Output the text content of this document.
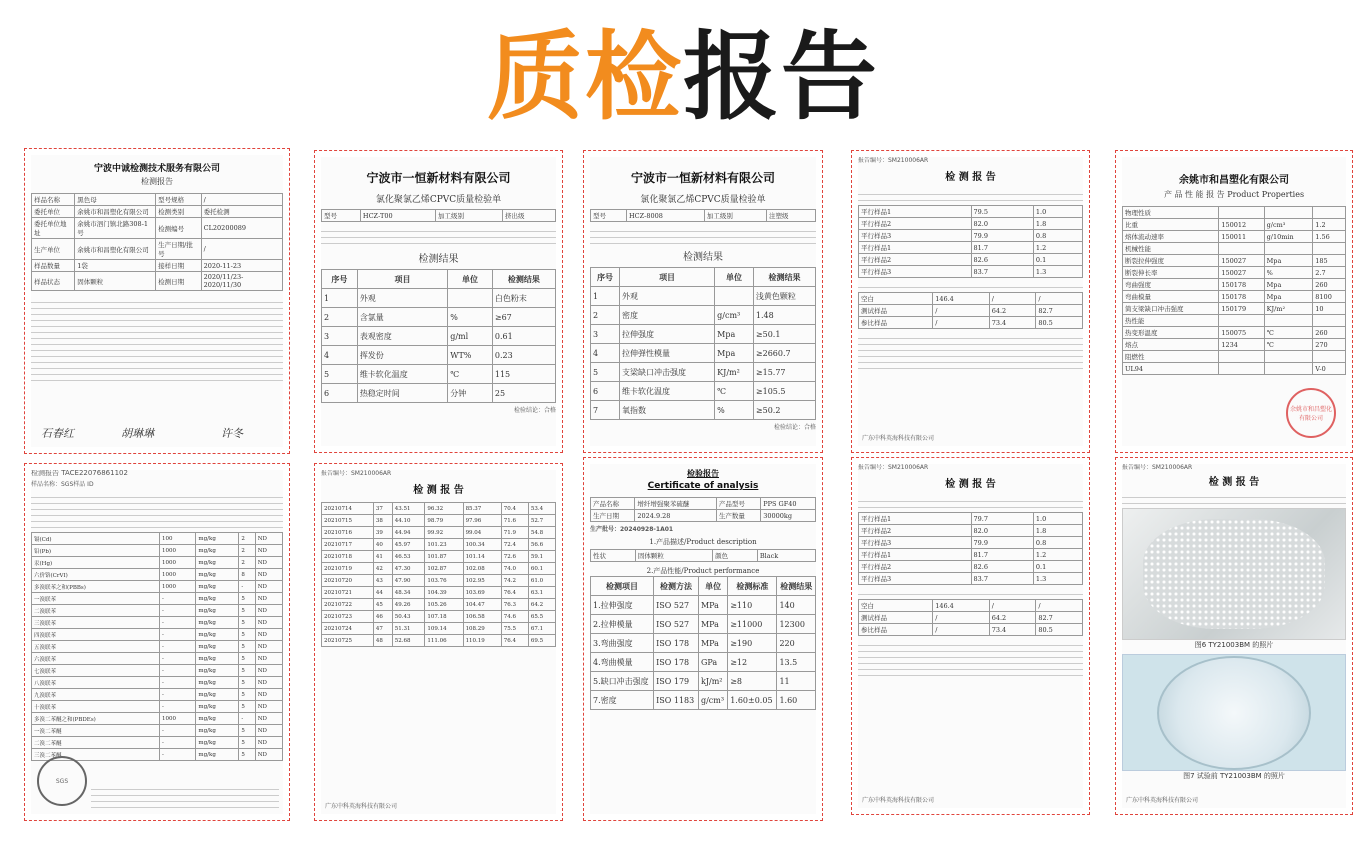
质检报告
宁波中诚检测技术服务有限公司
检测报告
样品名称	黑色母	型号规格	/
委托单位	余姚市和昌塑化有限公司	检测类别	委托检测
委托单位地址	余姚市泗门镇北路308-1号	检测编号	CL20200089
生产单位	余姚市和昌塑化有限公司	生产日期/批号	/
样品数量	1袋	接样日期	2020-11-23
样品状态	固体颗粒	检测日期	2020/11/23-2020/11/30
石春红	胡琳琳	许冬
宁波市一恒新材料有限公司
氯化聚氯乙烯CPVC质量检验单
型号	HCZ-T00	加工级别	挤出级
检测结果
序号	项目	单位	检测结果
1	外观		白色粉末
2	含氯量	%	≥67
3	表观密度	g/ml	0.61
4	挥发份	WT%	0.23
5	维卡软化温度	℃	115
6	热稳定时间	分钟	25
检验结论：合格
宁波市一恒新材料有限公司
氯化聚氯乙烯CPVC质量检验单
型号	HCZ-8008	加工级别	注塑级
检测结果
序号	项目	单位	检测结果
1	外观		浅黄色颗粒
2	密度	g/cm³	1.48
3	拉伸强度	Mpa	≥50.1
4	拉伸弹性模量	Mpa	≥2660.7
5	支梁缺口冲击强度	KJ/m²	≥15.77
6	维卡软化温度	℃	≥105.5
7	氧指数	%	≥50.2
检验结论：合格
报告编号：SM210006AR
检 测 报 告
平行样品1	79.5	1.0
平行样品2	82.0	1.8
平行样品3	79.9	0.8
平行样品1	81.7	1.2
平行样品2	82.6	0.1
平行样品3	83.7	1.3
空白	146.4	/	/
测试样品	/	64.2	82.7
参比样品	/	73.4	80.5
广东中科英海科技有限公司
余姚市和昌塑化有限公司
产 品 性 能 报 告 Product Properties
物理性质			
比重	150012	g/cm³	1.2
熔体流动速率	150011	g/10min	1.56
机械性能			
断裂拉伸强度	150027	Mpa	185
断裂伸长率	150027	%	2.7
弯曲强度	150178	Mpa	260
弯曲模量	150178	Mpa	8100
简支梁缺口冲击强度	150179	KJ/m²	10
热性能			
热变形温度	150075	℃	260
熔点	1234	℃	270
阻燃性			
UL94			V-0
余姚市和昌塑化有限公司
检测报告 TACE22076861102
样品名称：SGS样品 ID
镉(Cd)	100	mg/kg	2	ND
铅(Pb)	1000	mg/kg	2	ND
汞(Hg)	1000	mg/kg	2	ND
六价铬(CrVI)	1000	mg/kg	8	ND
多溴联苯之和(PBBs)	1000	mg/kg	-	ND
一溴联苯	-	mg/kg	5	ND
二溴联苯	-	mg/kg	5	ND
三溴联苯	-	mg/kg	5	ND
四溴联苯	-	mg/kg	5	ND
五溴联苯	-	mg/kg	5	ND
六溴联苯	-	mg/kg	5	ND
七溴联苯	-	mg/kg	5	ND
八溴联苯	-	mg/kg	5	ND
九溴联苯	-	mg/kg	5	ND
十溴联苯	-	mg/kg	5	ND
多溴二苯醚之和(PBDEs)	1000	mg/kg	-	ND
一溴二苯醚	-	mg/kg	5	ND
二溴二苯醚	-	mg/kg	5	ND
三溴二苯醚	-	mg/kg	5	ND
SGS
报告编号：SM210006AR
检 测 报 告
20210714	37	43.51	96.32	85.37	70.4	53.4
20210715	38	44.10	98.79	97.96	71.6	52.7
20210716	39	44.94	99.92	99.04	71.9	54.8
20210717	40	45.97	101.23	100.34	72.4	56.6
20210718	41	46.53	101.87	101.14	72.6	59.1
20210719	42	47.30	102.87	102.08	74.0	60.1
20210720	43	47.90	103.76	102.95	74.2	61.0
20210721	44	48.34	104.39	103.69	76.4	63.1
20210722	45	49.26	105.26	104.47	76.3	64.2
20210723	46	50.43	107.18	106.58	74.6	65.5
20210724	47	51.31	109.14	108.29	75.5	67.1
20210725	48	52.68	111.06	110.19	76.4	69.5
广东中科英海科技有限公司
检验报告
Certificate of analysis
产品名称	增纤增强聚苯硫醚	产品型号	PPS GF40
生产日期	2024.9.28	生产数量	30000kg
生产批号：20240928-1A01
1.产品描述/Product description
性状	固体颗粒	颜色	Black
2.产品性能/Product performance
检测项目	检测方法	单位	检测标准	检测结果
1.拉伸强度	ISO 527	MPa	≥110	140
2.拉伸模量	ISO 527	MPa	≥11000	12300
3.弯曲强度	ISO 178	MPa	≥190	220
4.弯曲模量	ISO 178	GPa	≥12	13.5
5.缺口冲击强度	ISO 179	kJ/m²	≥8	11
7.密度	ISO 1183	g/cm³	1.60±0.05	1.60
报告编号：SM210006AR
检 测 报 告
平行样品1	79.7	1.0
平行样品2	82.0	1.8
平行样品3	79.9	0.8
平行样品1	81.7	1.2
平行样品2	82.6	0.1
平行样品3	83.7	1.3
空白	146.4	/	/
测试样品	/	64.2	82.7
参比样品	/	73.4	80.5
广东中科英海科技有限公司
报告编号：SM210006AR
检 测 报 告
图6 TY21003BM 的照片
图7 试验前 TY21003BM 的照片
广东中科英海科技有限公司
